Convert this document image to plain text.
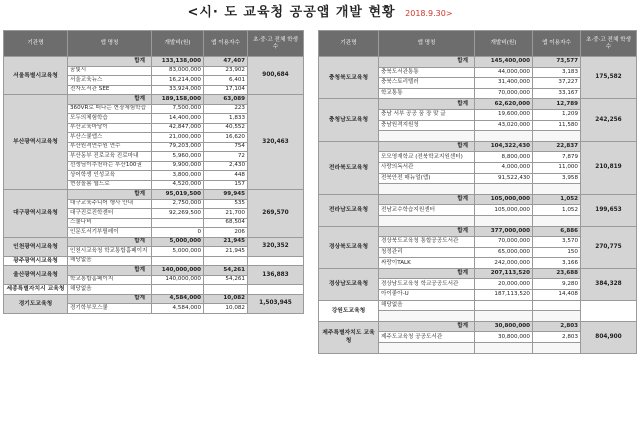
<시· 도 교육청 공공앱 개발 현황 2018.9.30>
기관명	앱 명칭	개발비(원)	앱 이용자수	초·중·고 전체 학생 수
서울특별시교육청	합계	133,138,000	47,407	900,684
	꿈빛시	83,000,000	23,902	
	서울교육뉴스	16,214,000	6,401	
	전자도서관 SEE	33,924,000	17,104	
부산광역시교육청	합계	189,158,000	63,089	320,463
	360VR로 떠나는 현장체험학습	7,500,000	223	
	모두의체험학습	14,400,000	1,833	
	부산교육마당이	42,847,000	40,552	
	부산스쿨앱스	21,000,000	16,620	
	부산원격연수원 연수	79,203,000	754	
	부산동부 진로교육 진로마내	5,960,000	72	
	선생님이추천하는 부산100권	9,900,000	2,430	
	상어학생 인성교육	3,800,000	448	
	현장돌봄 웹드로	4,520,000	157	
대구광역시교육청	합계	95,019,500	99,945	269,570
	대구교육주니어 행사 안내	2,750,000	535	
	대구진로진학센터	92,269,500	21,700	
	스쿨나비		68,504	
	인문도서기부릴레이	0	206	
인천광역시교육청	합계	5,000,000	21,945	320,352
	인천시교육청 학교통합홈페이지	5,000,000	21,945	
광주광역시교육청	해당없음			
울산광역시교육청	합계	140,000,000	54,261	136,883
	학교통합홈페이지	140,000,000	54,261	
세종특별자치시 교육청	해당없음			
경기도교육청	합계	4,584,000	10,082	1,503,945
	경기학부모스쿨	4,584,000	10,082	
기관명	앱 명칭	개발비(원)	앱 이용자수	초·중·고 전체 학생 수
충청북도교육청	합계	145,400,000	73,577	175,582
	충북도서관통통	44,000,000	3,183	
	충북스토리텔러	31,400,000	37,227	
	학교통통	70,000,000	33,167	
충청남도교육청	합계	62,620,000	12,789	242,256
	충남 서부 공공 꿈 장 맞 글	19,600,000	1,209	
	충남원격지원청	43,020,000	11,580	

전라북도교육청	합계	104,322,430	22,837	210,819
	모모영재학교 (전북학교지원센터)	8,800,000	7,879	
	사랑의독서관	4,000,000	11,000	
	전북안전 매뉴얼(앱)	91,522,430	3,958	

전라남도교육청	합계	105,000,000	1,052	199,653
	전남교수학습지원센터	105,000,000	1,052	

경상북도교육청	합계	377,000,000	6,886	270,775
	경상북도교육청 통합공공도서관	70,000,000	3,570	
	청정관리	65,000,000	150	
	싸랑이TALK	242,000,000	3,166	
경상남도교육청	합계	207,113,520	23,688	384,328
	경상남도교육청 학교공공도서관	20,000,000	9,280	
	아이좋아-U	187,113,520	14,408	
강원도교육청	해당없음			

제주특별자치도 교육청	합계	30,800,000	2,803	804,900
	제주도교육청 공공도서관	30,800,000	2,803	
